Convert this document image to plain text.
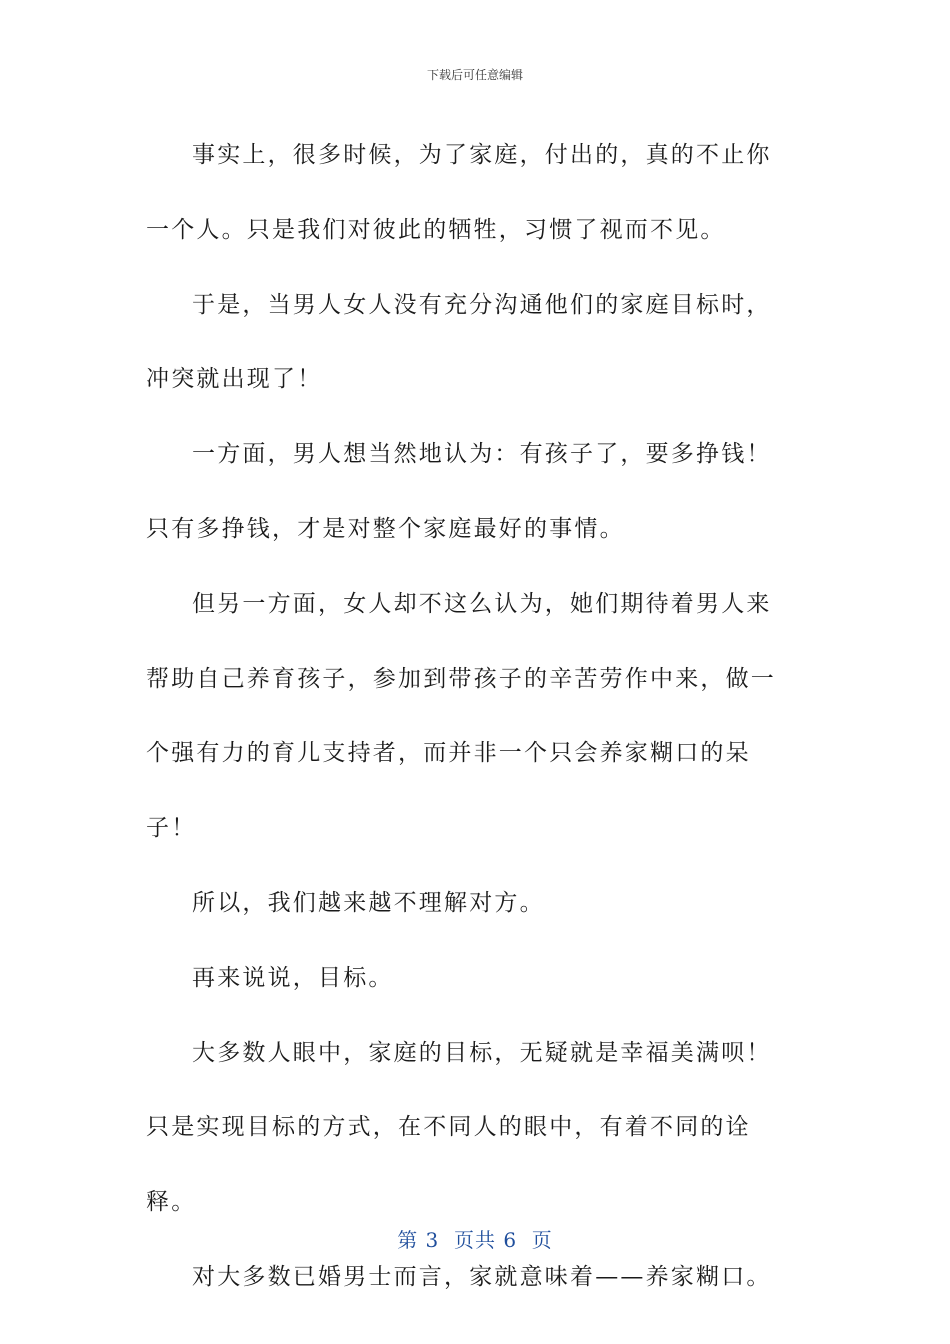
下载后可任意编辑

事实上，很多时候，为了家庭，付出的，真的不止你一个人。只是我们对彼此的牺牲，习惯了视而不见。

于是，当男人女人没有充分沟通他们的家庭目标时，冲突就出现了！

一方面，男人想当然地认为：有孩子了，要多挣钱！只有多挣钱，才是对整个家庭最好的事情。

但另一方面，女人却不这么认为，她们期待着男人来帮助自己养育孩子，参加到带孩子的辛苦劳作中来，做一个强有力的育儿支持者，而并非一个只会养家糊口的呆子！

所以，我们越来越不理解对方。

再来说说，目标。

大多数人眼中，家庭的目标，无疑就是幸福美满呗！只是实现目标的方式，在不同人的眼中，有着不同的诠释。

对大多数已婚男士而言，家就意味着——养家糊口。

第 3  页共 6  页
